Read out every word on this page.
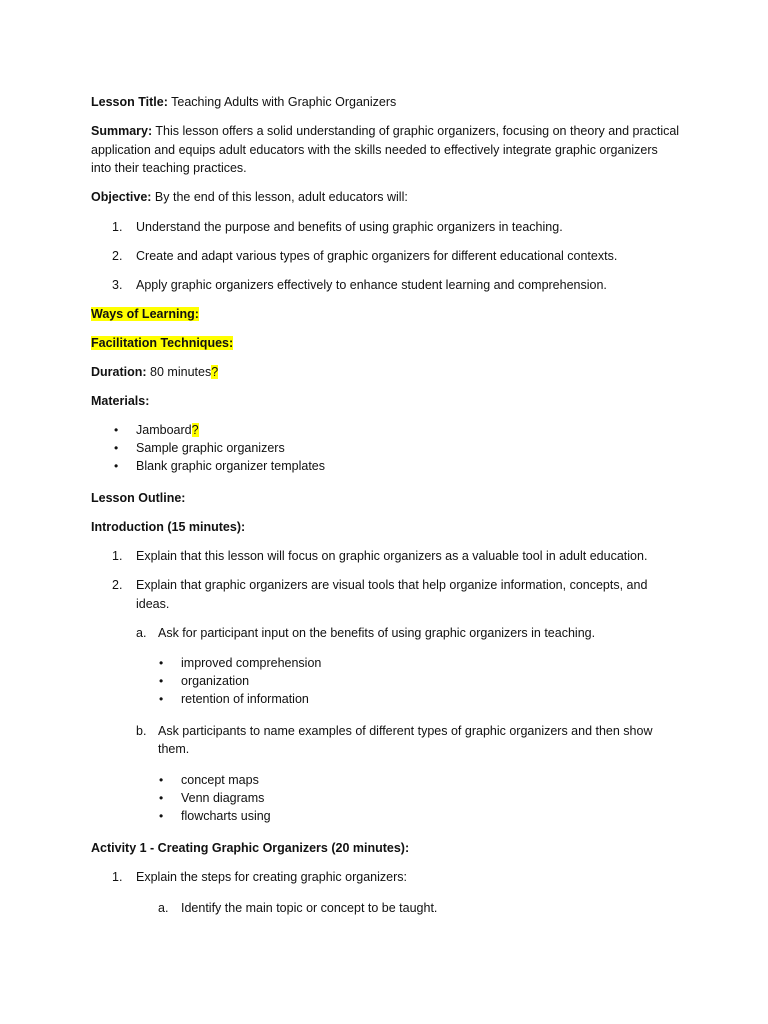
Lesson Title: Teaching Adults with Graphic Organizers
Summary: This lesson offers a solid understanding of graphic organizers, focusing on theory and practical
application and equips adult educators with the skills needed to effectively integrate graphic organizers
into their teaching practices.
Objective: By the end of this lesson, adult educators will:
1. Understand the purpose and benefits of using graphic organizers in teaching.
2. Create and adapt various types of graphic organizers for different educational contexts.
3. Apply graphic organizers effectively to enhance student learning and comprehension.
Ways of Learning:
Facilitation Techniques:
Duration: 80 minutes?
Materials:
• Jamboard?
• Sample graphic organizers
• Blank graphic organizer templates
Lesson Outline:
Introduction (15 minutes):
1. Explain that this lesson will focus on graphic organizers as a valuable tool in adult education.
2. Explain that graphic organizers are visual tools that help organize information, concepts, and
ideas.
a. Ask for participant input on the benefits of using graphic organizers in teaching.
• improved comprehension
• organization
• retention of information
b. Ask participants to name examples of different types of graphic organizers and then show
them.
• concept maps
• Venn diagrams
• flowcharts using
Activity 1 - Creating Graphic Organizers (20 minutes):
1. Explain the steps for creating graphic organizers:
a. Identify the main topic or concept to be taught.
